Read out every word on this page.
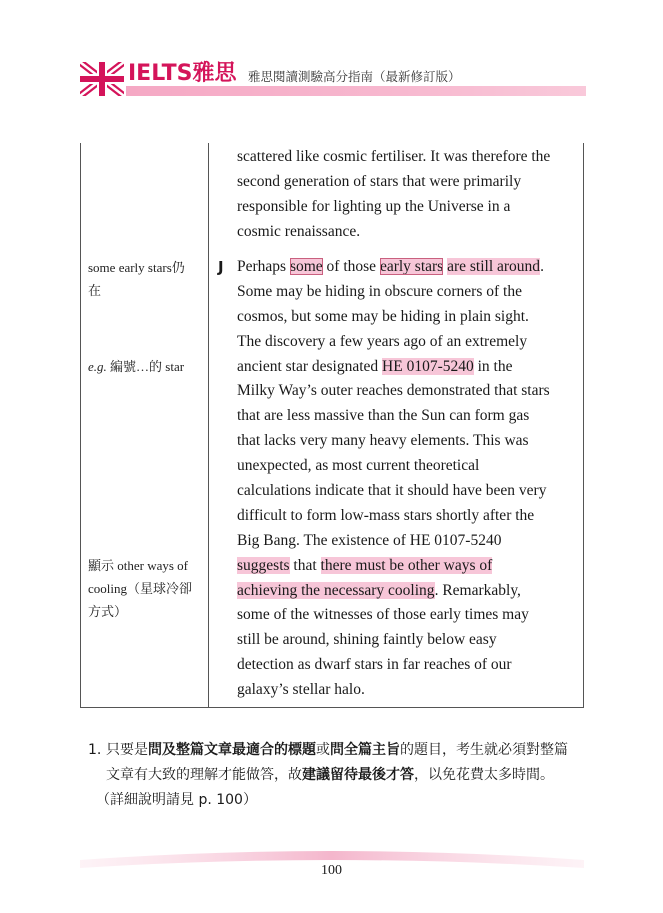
IELTS雅思 雅思閱讀測驗高分指南（最新修訂版）
some early stars仍
在
e.g. 編號…的 star
顯示 other ways of
cooling（星球冷卻
方式）
scattered like cosmic fertiliser. It was therefore the
second generation of stars that were primarily
responsible for lighting up the Universe in a
cosmic renaissance.
J Perhaps some of those early stars are still around.
Some may be hiding in obscure corners of the
cosmos, but some may be hiding in plain sight.
The discovery a few years ago of an extremely
ancient star designated HE 0107-5240 in the
Milky Way’s outer reaches demonstrated that stars
that are less massive than the Sun can form gas
that lacks very many heavy elements. This was
unexpected, as most current theoretical
calculations indicate that it should have been very
difficult to form low-mass stars shortly after the
Big Bang. The existence of HE 0107-5240
suggests that there must be other ways of
achieving the necessary cooling. Remarkably,
some of the witnesses of those early times may
still be around, shining faintly below easy
detection as dwarf stars in far reaches of our
galaxy’s stellar halo.
1. 只要是問及整篇文章最適合的標題或問全篇主旨的題目，考生就必須對整篇
文章有大致的理解才能做答，故建議留待最後才答，以免花費太多時間。
（詳細說明請見 p. 100）
100
